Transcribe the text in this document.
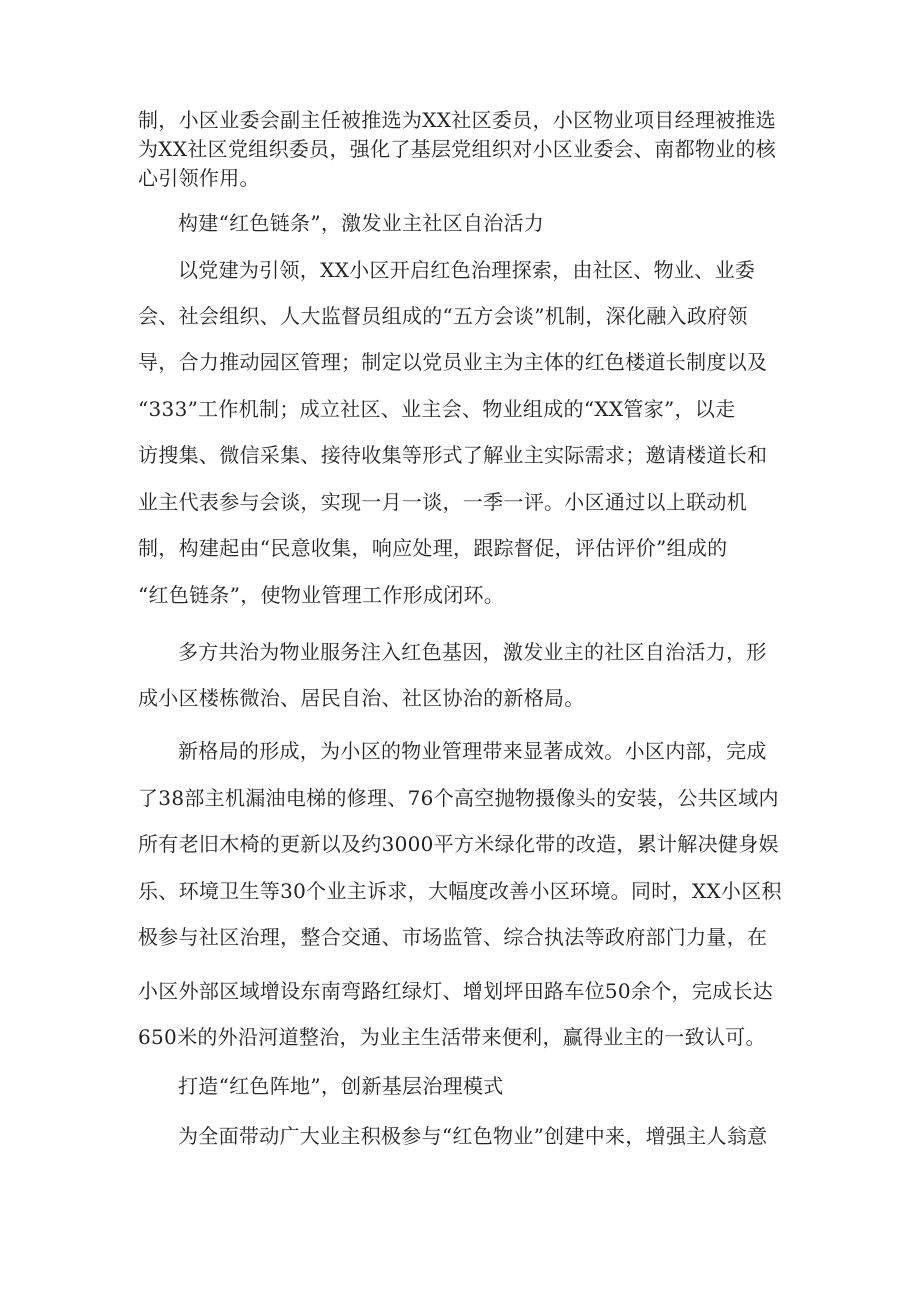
制，小区业委会副主任被推选为XX社区委员，小区物业项目经理被推选
为XX社区党组织委员，强化了基层党组织对小区业委会、南都物业的核
心引领作用。
构建“红色链条”，激发业主社区自治活力
以党建为引领，XX小区开启红色治理探索，由社区、物业、业委
会、社会组织、人大监督员组成的“五方会谈”机制，深化融入政府领
导，合力推动园区管理；制定以党员业主为主体的红色楼道长制度以及
“333”工作机制；成立社区、业主会、物业组成的“XX管家”，以走
访搜集、微信采集、接待收集等形式了解业主实际需求；邀请楼道长和
业主代表参与会谈，实现一月一谈，一季一评。小区通过以上联动机
制，构建起由“民意收集，响应处理，跟踪督促，评估评价”组成的
“红色链条”，使物业管理工作形成闭环。
多方共治为物业服务注入红色基因，激发业主的社区自治活力，形
成小区楼栋微治、居民自治、社区协治的新格局。
新格局的形成，为小区的物业管理带来显著成效。小区内部，完成
了38部主机漏油电梯的修理、76个高空抛物摄像头的安装，公共区域内
所有老旧木椅的更新以及约3000平方米绿化带的改造，累计解决健身娱
乐、环境卫生等30个业主诉求，大幅度改善小区环境。同时，XX小区积
极参与社区治理，整合交通、市场监管、综合执法等政府部门力量，在
小区外部区域增设东南弯路红绿灯、增划坪田路车位50余个，完成长达
650米的外沿河道整治，为业主生活带来便利，赢得业主的一致认可。
打造“红色阵地”，创新基层治理模式
为全面带动广大业主积极参与“红色物业”创建中来，增强主人翁意
